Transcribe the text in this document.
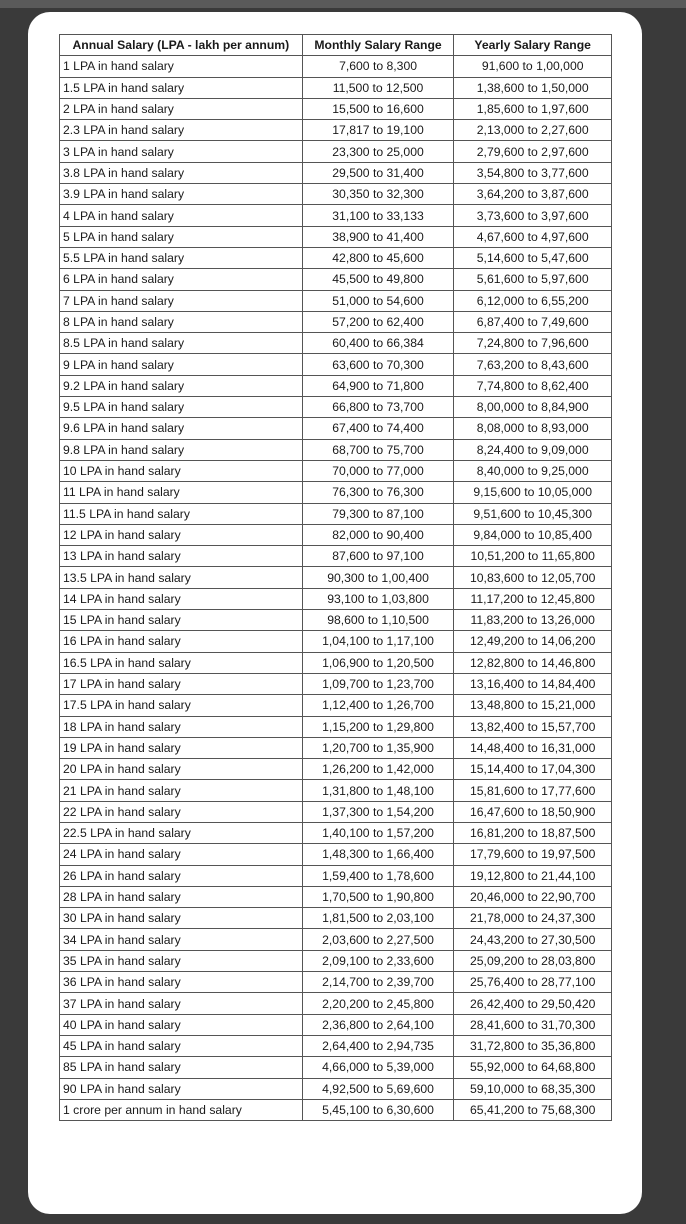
Annual Salary (LPA - lakh per annum)	Monthly Salary Range	Yearly Salary Range
1 LPA in hand salary	7,600 to 8,300	91,600 to 1,00,000
1.5 LPA in hand salary	11,500 to 12,500	1,38,600 to 1,50,000
2 LPA in hand salary	15,500 to 16,600	1,85,600 to 1,97,600
2.3 LPA in hand salary	17,817 to 19,100	2,13,000 to 2,27,600
3 LPA in hand salary	23,300 to 25,000	2,79,600 to 2,97,600
3.8 LPA in hand salary	29,500 to 31,400	3,54,800 to 3,77,600
3.9 LPA in hand salary	30,350 to 32,300	3,64,200 to 3,87,600
4 LPA in hand salary	31,100 to 33,133	3,73,600 to 3,97,600
5 LPA in hand salary	38,900 to 41,400	4,67,600 to 4,97,600
5.5 LPA in hand salary	42,800 to 45,600	5,14,600 to 5,47,600
6 LPA in hand salary	45,500 to 49,800	5,61,600 to 5,97,600
7 LPA in hand salary	51,000 to 54,600	6,12,000 to 6,55,200
8 LPA in hand salary	57,200 to 62,400	6,87,400 to 7,49,600
8.5 LPA in hand salary	60,400 to 66,384	7,24,800 to 7,96,600
9 LPA in hand salary	63,600 to 70,300	7,63,200 to 8,43,600
9.2 LPA in hand salary	64,900 to 71,800	7,74,800 to 8,62,400
9.5 LPA in hand salary	66,800 to 73,700	8,00,000 to 8,84,900
9.6 LPA in hand salary	67,400 to 74,400	8,08,000 to 8,93,000
9.8 LPA in hand salary	68,700 to 75,700	8,24,400 to 9,09,000
10 LPA in hand salary	70,000 to 77,000	8,40,000 to 9,25,000
11 LPA in hand salary	76,300 to 76,300	9,15,600 to 10,05,000
11.5 LPA in hand salary	79,300 to 87,100	9,51,600 to 10,45,300
12 LPA in hand salary	82,000 to 90,400	9,84,000 to 10,85,400
13 LPA in hand salary	87,600 to 97,100	10,51,200 to 11,65,800
13.5 LPA in hand salary	90,300 to 1,00,400	10,83,600 to 12,05,700
14 LPA in hand salary	93,100 to 1,03,800	11,17,200 to 12,45,800
15 LPA in hand salary	98,600 to 1,10,500	11,83,200 to 13,26,000
16 LPA in hand salary	1,04,100 to 1,17,100	12,49,200 to 14,06,200
16.5 LPA in hand salary	1,06,900 to 1,20,500	12,82,800 to 14,46,800
17 LPA in hand salary	1,09,700 to 1,23,700	13,16,400 to 14,84,400
17.5 LPA in hand salary	1,12,400 to 1,26,700	13,48,800 to 15,21,000
18 LPA in hand salary	1,15,200 to 1,29,800	13,82,400 to 15,57,700
19 LPA in hand salary	1,20,700 to 1,35,900	14,48,400 to 16,31,000
20 LPA in hand salary	1,26,200 to 1,42,000	15,14,400 to 17,04,300
21 LPA in hand salary	1,31,800 to 1,48,100	15,81,600 to 17,77,600
22 LPA in hand salary	1,37,300 to 1,54,200	16,47,600 to 18,50,900
22.5 LPA in hand salary	1,40,100 to 1,57,200	16,81,200 to 18,87,500
24 LPA in hand salary	1,48,300 to 1,66,400	17,79,600 to 19,97,500
26 LPA in hand salary	1,59,400 to 1,78,600	19,12,800 to 21,44,100
28 LPA in hand salary	1,70,500 to 1,90,800	20,46,000 to 22,90,700
30 LPA in hand salary	1,81,500 to 2,03,100	21,78,000 to 24,37,300
34 LPA in hand salary	2,03,600 to 2,27,500	24,43,200 to 27,30,500
35 LPA in hand salary	2,09,100 to 2,33,600	25,09,200 to 28,03,800
36 LPA in hand salary	2,14,700 to 2,39,700	25,76,400 to 28,77,100
37 LPA in hand salary	2,20,200 to 2,45,800	26,42,400 to 29,50,420
40 LPA in hand salary	2,36,800 to 2,64,100	28,41,600 to 31,70,300
45 LPA in hand salary	2,64,400 to 2,94,735	31,72,800 to 35,36,800
85 LPA in hand salary	4,66,000 to 5,39,000	55,92,000 to 64,68,800
90 LPA in hand salary	4,92,500 to 5,69,600	59,10,000 to 68,35,300
1 crore per annum in hand salary	5,45,100 to 6,30,600	65,41,200 to 75,68,300
